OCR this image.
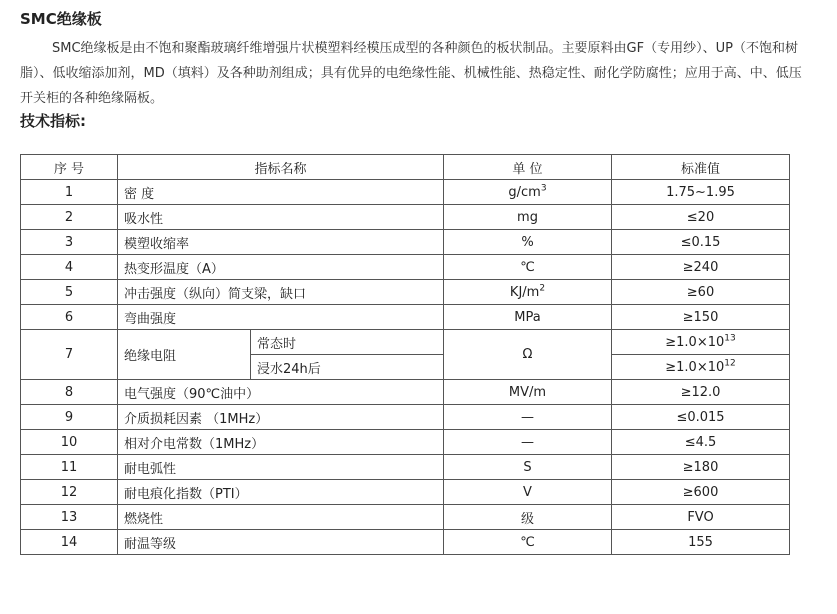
SMC绝缘板
SMC绝缘板是由不饱和聚酯玻璃纤维增强片状模塑料经模压成型的各种颜色的板状制品。主要原料由GF（专用纱）、UP（不饱和树脂）、低收缩添加剂，MD（填料）及各种助剂组成；具有优异的电绝缘性能、机械性能、热稳定性、耐化学防腐性；应用于高、中、低压开关柜的各种绝缘隔板。
技术指标:
序 号	指标名称		单 位	标准值
1	密 度		$g/cm^3$	1.75~1.95
2	吸水性		mg	≤20
3	模塑收缩率		%	≤0.15
4	热变形温度（A）		℃	≥240
5	冲击强度（纵向）简支梁，缺口		$KJ/m^2$	≥60
6	弯曲强度		MPa	≥150
7	绝缘电阻	常态时	Ω	$\ge 1.0\times 10^{13}$
		浸水24h后		$\ge 1.0\times 10^{12}$
8	电气强度（90℃油中）		MV/m	≥12.0
9	介质损耗因素 （1MHz）		—	≤0.015
10	相对介电常数（1MHz）		—	≤4.5
11	耐电弧性		S	≥180
12	耐电痕化指数（PTI）		V	≥600
13	燃烧性		级	FVO
14	耐温等级		℃	155
